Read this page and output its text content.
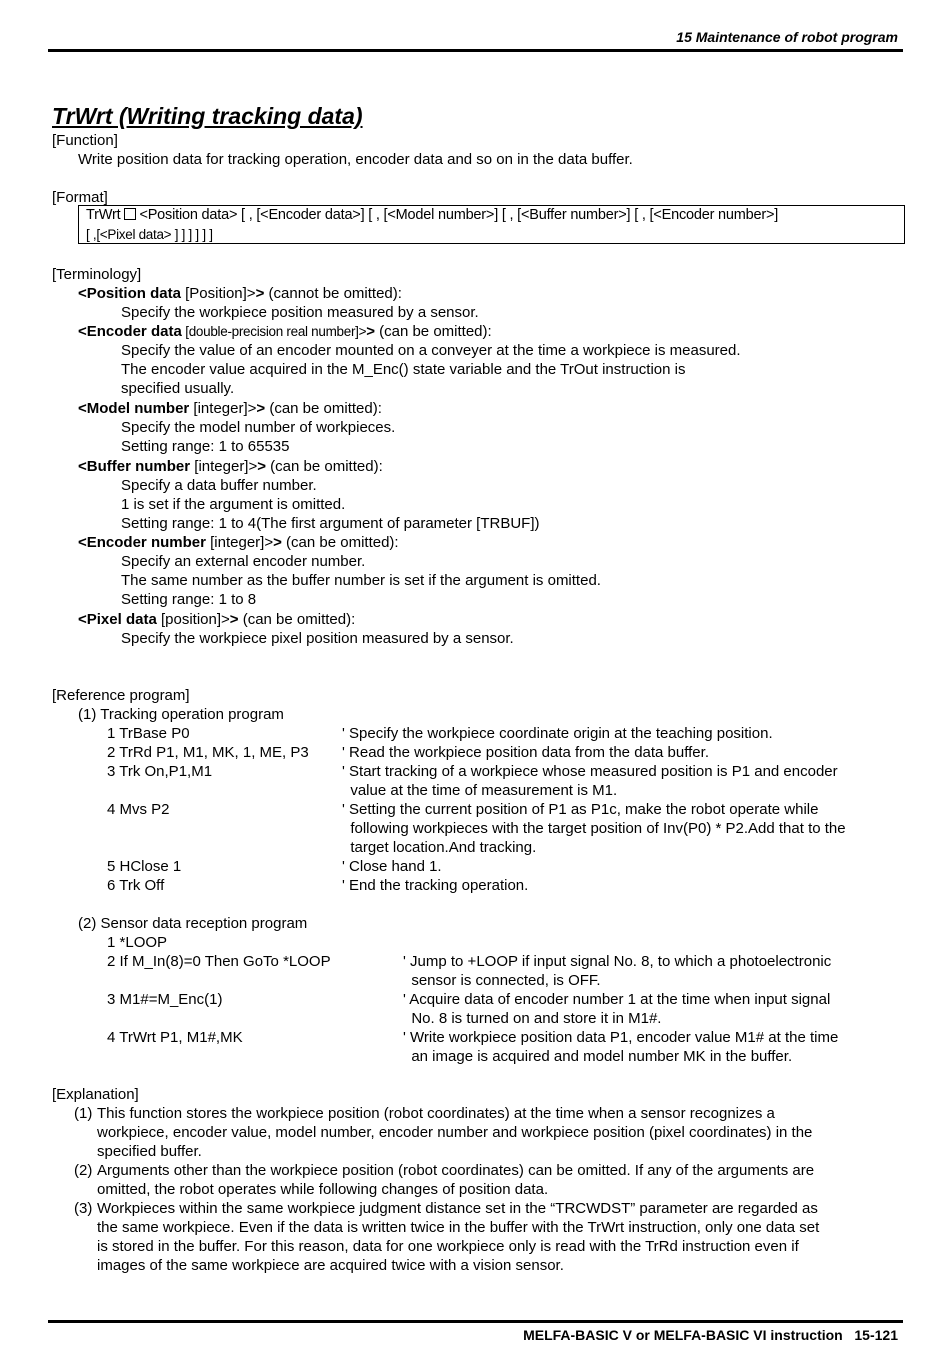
15 Maintenance of robot program
TrWrt (Writing tracking data)
[Function]
Write position data for tracking operation, encoder data and so on in the data buffer.
[Format]
TrWrt <Position data> [ , [<Encoder data>] [ , [<Model number>] [ , [<Buffer number>] [ , [<Encoder number>]
[ ,[<Pixel data> ] ] ] ] ] ]
[Terminology]
<Position data [Position]>> (cannot be omitted):
Specify the workpiece position measured by a sensor.
<Encoder data [double-precision real number]>> (can be omitted):
Specify the value of an encoder mounted on a conveyer at the time a workpiece is measured.
The encoder value acquired in the M_Enc() state variable and the TrOut instruction is
specified usually.
<Model number [integer]>> (can be omitted):
Specify the model number of workpieces.
Setting range: 1 to 65535
<Buffer number [integer]>> (can be omitted):
Specify a data buffer number.
1 is set if the argument is omitted.
Setting range: 1 to 4(The first argument of parameter [TRBUF])
<Encoder number [integer]>> (can be omitted):
Specify an external encoder number.
The same number as the buffer number is set if the argument is omitted.
Setting range: 1 to 8
<Pixel data [position]>> (can be omitted):
Specify the workpiece pixel position measured by a sensor.
[Reference program]
(1) Tracking operation program
1 TrBase P0	' Specify the workpiece coordinate origin at the teaching position.
2 TrRd P1, M1, MK, 1, ME, P3 ' Read the workpiece position data from the data buffer.
3 Trk On,P1,M1	' Start tracking of a workpiece whose measured position is P1 and encoder
value at the time of measurement is M1.
4 Mvs P2	' Setting the current position of P1 as P1c, make the robot operate while
following workpieces with the target position of Inv(P0) * P2.Add that to the
target location.And tracking.
5 HClose 1	' Close hand 1.
6 Trk Off	' End the tracking operation.
(2) Sensor data reception program
1 *LOOP
2 If M_In(8)=0 Then GoTo *LOOP	' Jump to +LOOP if input signal No. 8, to which a photoelectronic
sensor is connected, is OFF.
3 M1#=M_Enc(1)	' Acquire data of encoder number 1 at the time when input signal
No. 8 is turned on and store it in M1#.
4 TrWrt P1, M1#,MK	' Write workpiece position data P1, encoder value M1# at the time
an image is acquired and model number MK in the buffer.
[Explanation]
(1) This function stores the workpiece position (robot coordinates) at the time when a sensor recognizes a
workpiece, encoder value, model number, encoder number and workpiece position (pixel coordinates) in the
specified buffer.
(2) Arguments other than the workpiece position (robot coordinates) can be omitted. If any of the arguments are
omitted, the robot operates while following changes of position data.
(3) Workpieces within the same workpiece judgment distance set in the “TRCWDST” parameter are regarded as
the same workpiece. Even if the data is written twice in the buffer with the TrWrt instruction, only one data set
is stored in the buffer. For this reason, data for one workpiece only is read with the TrRd instruction even if
images of the same workpiece are acquired twice with a vision sensor.
MELFA-BASIC V or MELFA-BASIC VI instruction   15-121
